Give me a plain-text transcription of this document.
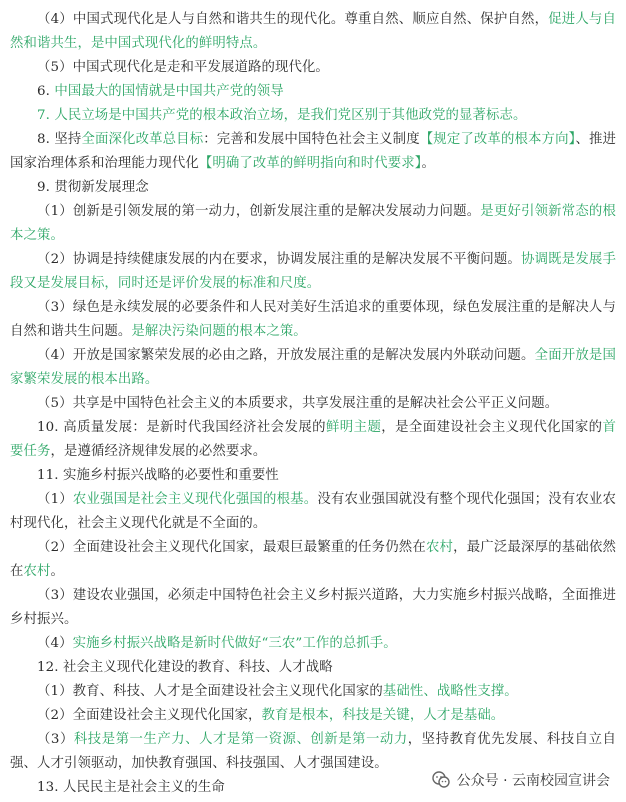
（4）中国式现代化是人与自然和谐共生的现代化。尊重自然、顺应自然、保护自然，促进人与自然和谐共生，是中国式现代化的鲜明特点。

（5）中国式现代化是走和平发展道路的现代化。

6. 中国最大的国情就是中国共产党的领导

7. 人民立场是中国共产党的根本政治立场，是我们党区别于其他政党的显著标志。

8. 坚持全面深化改革总目标：完善和发展中国特色社会主义制度【规定了改革的根本方向】、推进国家治理体系和治理能力现代化【明确了改革的鲜明指向和时代要求】。

9. 贯彻新发展理念

（1）创新是引领发展的第一动力，创新发展注重的是解决发展动力问题。是更好引领新常态的根本之策。

（2）协调是持续健康发展的内在要求，协调发展注重的是解决发展不平衡问题。协调既是发展手段又是发展目标，同时还是评价发展的标准和尺度。

（3）绿色是永续发展的必要条件和人民对美好生活追求的重要体现，绿色发展注重的是解决人与自然和谐共生问题。是解决污染问题的根本之策。

（4）开放是国家繁荣发展的必由之路，开放发展注重的是解决发展内外联动问题。全面开放是国家繁荣发展的根本出路。

（5）共享是中国特色社会主义的本质要求，共享发展注重的是解决社会公平正义问题。

10. 高质量发展：是新时代我国经济社会发展的鲜明主题，是全面建设社会主义现代化国家的首要任务，是遵循经济规律发展的必然要求。

11. 实施乡村振兴战略的必要性和重要性

（1）农业强国是社会主义现代化强国的根基。没有农业强国就没有整个现代化强国；没有农业农村现代化，社会主义现代化就是不全面的。

（2）全面建设社会主义现代化国家，最艰巨最繁重的任务仍然在农村，最广泛最深厚的基础依然在农村。

（3）建设农业强国，必须走中国特色社会主义乡村振兴道路，大力实施乡村振兴战略，全面推进乡村振兴。

（4）实施乡村振兴战略是新时代做好“三农”工作的总抓手。

12. 社会主义现代化建设的教育、科技、人才战略

（1）教育、科技、人才是全面建设社会主义现代化国家的基础性、战略性支撑。

（2）全面建设社会主义现代化国家，教育是根本，科技是关键，人才是基础。

（3）科技是第一生产力、人才是第一资源、创新是第一动力，坚持教育优先发展、科技自立自强、人才引领驱动，加快教育强国、科技强国、人才强国建设。

13. 人民民主是社会主义的生命	公众号 · 云南校园宣讲会
